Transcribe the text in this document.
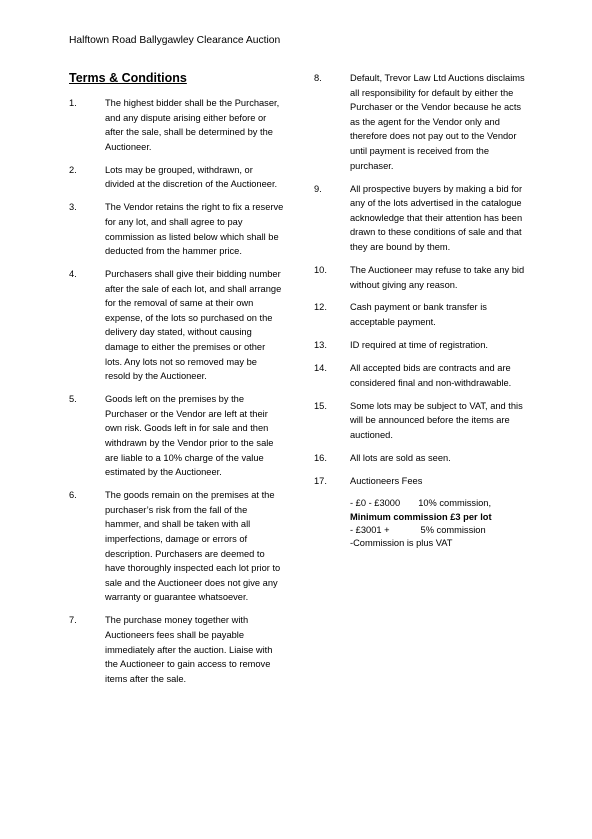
Halftown Road Ballygawley Clearance Auction
Terms & Conditions
1.	The highest bidder shall be the Purchaser, and any dispute arising either before or after the sale, shall be determined by the Auctioneer.
2.	Lots may be grouped, withdrawn, or divided at the discretion of the Auctioneer.
3.	The Vendor retains the right to fix a reserve for any lot, and shall agree to pay commission as listed below which shall be deducted from the hammer price.
4.	Purchasers shall give their bidding number after the sale of each lot, and shall arrange for the removal of same at their own expense, of the lots so purchased on the delivery day stated, without causing damage to either the premises or other lots. Any lots not so removed may be resold by the Auctioneer.
5.	Goods left on the premises by the Purchaser or the Vendor are left at their own risk. Goods left in for sale and then withdrawn by the Vendor prior to the sale are liable to a 10% charge of the value estimated by the Auctioneer.
6.	The goods remain on the premises at the purchaser’s risk from the fall of the hammer, and shall be taken with all imperfections, damage or errors of description. Purchasers are deemed to have thoroughly inspected each lot prior to sale and the Auctioneer does not give any warranty or guarantee whatsoever.
7.	The purchase money together with Auctioneers fees shall be payable immediately after the auction. Liaise with the Auctioneer to gain access to remove items after the sale.
8.	Default, Trevor Law Ltd Auctions disclaims all responsibility for default by either the Purchaser or the Vendor because he acts as the agent for the Vendor only and therefore does not pay out to the Vendor until payment is received from the purchaser.
9.	All prospective buyers by making a bid for any of the lots advertised in the catalogue acknowledge that their attention has been drawn to these conditions of sale and that they are bound by them.
10.	The Auctioneer may refuse to take any bid without giving any reason.
12.	Cash payment or bank transfer is acceptable payment.
13.	ID required at time of registration.
14.	All accepted bids are contracts and are considered final and non-withdrawable.
15.	Some lots may be subject to VAT, and this will be announced before the items are auctioned.
16.	All lots are sold as seen.
17.	Auctioneers Fees
- £0 - £3000       10% commission,
Minimum commission £3 per lot
- £3001 +            5% commission
-Commission is plus VAT
